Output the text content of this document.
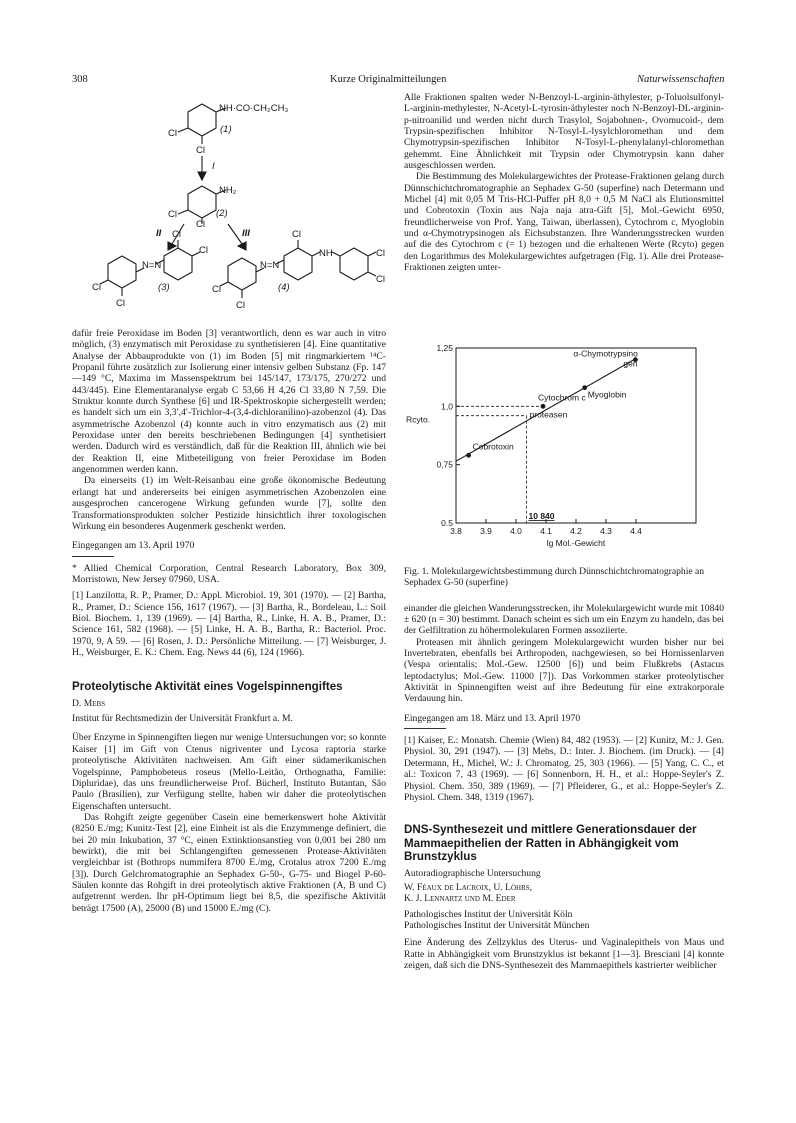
308	Kurze Originalmitteilungen	Naturwissenschaften
NH·CO·CH₂CH₃
Cl
Cl
(1)
I
NH₂
Cl
Cl
(2)
II	III
N=N
Cl
Cl
Cl
Cl
(3)
N=N
NH
Cl
Cl
Cl
Cl
Cl
(4)

dafür freie Peroxidase im Boden [3] verantwortlich, denn es war auch in vitro möglich, (3) enzymatisch mit Peroxidase zu synthetisieren [4]. Eine quantitative Analyse der Abbauprodukte von (1) im Boden [5] mit ringmarkiertem ¹⁴C-Propanil führte zusätzlich zur Isolierung einer intensiv gelben Substanz (Fp. 147—149 °C, Maxima im Massenspektrum bei 145/147, 173/175, 270/272 und 443/445). Eine Elementaranalyse ergab C 53,66 H 4,26 Cl 33,80 N 7,59. Die Struktur konnte durch Synthese [6] und IR-Spektroskopie sichergestellt werden; es handelt sich um ein 3,3′,4′-Trichlor-4-(3,4-dichloranilino)-azobenzol (4). Das asymmetrische Azobenzol (4) konnte auch in vitro enzymatisch aus (2) mit Peroxidase unter den bereits beschriebenen Bedingungen [4] synthetisiert werden. Dadurch wird es verständlich, daß für die Reaktion III, ähnlich wie bei der Reaktion II, eine Mitbeteiligung von freier Peroxidase im Boden angenommen werden kann.

Da einerseits (1) im Welt-Reisanbau eine große ökonomische Bedeutung erlangt hat und andererseits bei einigen asymmetrischen Azobenzolen eine ausgesprochen cancerogene Wirkung gefunden wurde [7], sollte den Transformationsprodukten solcher Pestizide hinsichtlich ihrer toxologischen Wirkung ein besonderes Augenmerk geschenkt werden.

Eingegangen am 13. April 1970

* Allied Chemical Corporation, Central Research Laboratory, Box 309, Morristown, New Jersey 07960, USA.

[1] Lanzilotta, R. P., Pramer, D.: Appl. Microbiol. 19, 301 (1970). — [2] Bartha, R., Pramer, D.: Science 156, 1617 (1967). — [3] Bartha, R., Bordeleau, L.: Soil Biol. Biochem. 1, 139 (1969). — [4] Bartha, R., Linke, H. A. B., Pramer, D.: Science 161, 582 (1968). — [5] Linke, H. A. B., Bartha, R.: Bacteriol. Proc. 1970, 9, A 59. — [6] Rosen, J. D.: Persönliche Mitteilung. — [7] Weisburger, J. H., Weisburger, E. K.: Chem. Eng. News 44 (6), 124 (1966).

Proteolytische Aktivität eines Vogelspinnengiftes

D. Mebs

Institut für Rechtsmedizin der Universität Frankfurt a. M.

Über Enzyme in Spinnengiften liegen nur wenige Untersuchungen vor; so konnte Kaiser [1] im Gift von Ctenus nigriventer und Lycosa raptoria starke proteolytische Aktivitäten nachweisen. Am Gift einer südamerikanischen Vogelspinne, Pamphobeteus roseus (Mello-Leitão, Orthognatha, Familie: Dipluridae), das uns freundlicherweise Prof. Bücherl, Instituto Butantan, São Paulo (Brasilien), zur Verfügung stellte, haben wir daher die proteolytischen Eigenschaften untersucht.

Das Rohgift zeigte gegenüber Casein eine bemerkenswert hohe Aktivität (8250 E./mg; Kunitz-Test [2], eine Einheit ist als die Enzymmenge definiert, die bei 20 min Inkubation, 37 °C, einen Extinktionsanstieg von 0,001 bei 280 nm bewirkt), die mit bei Schlangengiften gemessenen Protease-Aktivitäten vergleichbar ist (Bothrops nummifera 8700 E./mg, Crotalus atrox 7200 E./mg [3]). Durch Gelchromatographie an Sephadex G-50-, G-75- und Biogel P-60-Säulen konnte das Rohgift in drei proteolytisch aktive Fraktionen (A, B und C) aufgetrennt werden. Ihr pH-Optimum liegt bei 8,5, die spezifische Aktivität beträgt 17500 (A), 25000 (B) und 15000 E./mg (C).

Alle Fraktionen spalten weder N-Benzoyl-L-arginin-äthylester, p-Toluolsulfonyl-L-arginin-methylester, N-Acetyl-L-tyrosin-äthylester noch N-Benzoyl-DL-arginin-p-nitroanilid und werden nicht durch Trasylol, Sojabohnen-, Ovomucoid-, dem Trypsin-spezifischen Inhibitor N-Tosyl-L-lysylchloromethan und dem Chymotrypsin-spezifischen Inhibitor N-Tosyl-L-phenylalanyl-chloromethan gehemmt. Eine Ähnlichkeit mit Trypsin oder Chymotrypsin kann daher ausgeschlossen werden.

Die Bestimmung des Molekulargewichtes der Protease-Fraktionen gelang durch Dünnschichtchromatographie an Sephadex G-50 (superfine) nach Determann und Michel [4] mit 0,05 M Tris-HCl-Puffer pH 8,0 + 0,5 M NaCl als Elutionsmittel und Cobrotoxin (Toxin aus Naja naja atra-Gift [5], Mol.-Gewicht 6950, freundlicherweise von Prof. Yang, Taiwan, überlassen), Cytochrom c, Myoglobin und α-Chymotrypsinogen als Eichsubstanzen. Ihre Wanderungsstrecken wurden auf die des Cytochrom c (= 1) bezogen und die erhaltenen Werte (Rcyto) gegen den Logarithmus des Molekulargewichtes aufgetragen (Fig. 1). Alle drei Protease-Fraktionen zeigten unter-

3.8 3.9 4.0 4.1 4.2 4.3 4.4
0.5
0,75
1,0
1,25
lg Mol.-Gewicht
Rcyto.
Cobrotoxin
Cytochrom c Myoglobin
α-Chymotrypsino
gen
proteasen
10 840

Fig. 1. Molekulargewichtsbestimmung durch Dünnschichtchromatographie an Sephadex G-50 (superfine)

einander die gleichen Wanderungsstrecken, ihr Molekulargewicht wurde mit 10840 ± 620 (n = 30) bestimmt. Danach scheint es sich um ein Enzym zu handeln, das bei der Gelfiltration zu höhermolekularen Formen assoziierte.

Proteasen mit ähnlich geringem Molekulargewicht wurden bisher nur bei Invertebraten, ebenfalls bei Arthropoden, nachgewiesen, so bei Hornissenlarven (Vespa orientalis; Mol.-Gew. 12500 [6]) und beim Flußkrebs (Astacus leptodactylus; Mol.-Gew. 11000 [7]). Das Vorkommen starker proteolytischer Aktivität in Spinnengiften weist auf ihre Bedeutung für eine extrakorporale Verdauung hin.

Eingegangen am 18. März und 13. April 1970

[1] Kaiser, E.: Monatsh. Chemie (Wien) 84, 482 (1953). — [2] Kunitz, M.: J. Gen. Physiol. 30, 291 (1947). — [3] Mebs, D.: Inter. J. Biochem. (im Druck). — [4] Determann, H., Michel, W.: J. Chromatog. 25, 303 (1966). — [5] Yang, C. C., et al.: Toxicon 7, 43 (1969). — [6] Sonnenborn, H. H., et al.: Hoppe-Seyler's Z. Physiol. Chem. 350, 389 (1969). — [7] Pfleiderer, G., et al.: Hoppe-Seyler's Z. Physiol. Chem. 348, 1319 (1967).

DNS-Synthesezeit und mittlere Generationsdauer der Mammaepithelien der Ratten in Abhängigkeit vom Brunstzyklus

Autoradiographische Untersuchung

W. Féaux de Lacroix, U. Löhrs,

K. J. Lennartz und M. Eder

Pathologisches Institut der Universität Köln

Pathologisches Institut der Universität München

Eine Änderung des Zellzyklus des Uterus- und Vaginalepithels von Maus und Ratte in Abhängigkeit vom Brunstzyklus ist bekannt [1—3]. Bresciani [4] konnte zeigen, daß sich die DNS-Synthesezeit des Mammaepithels kastrierter weiblicher
